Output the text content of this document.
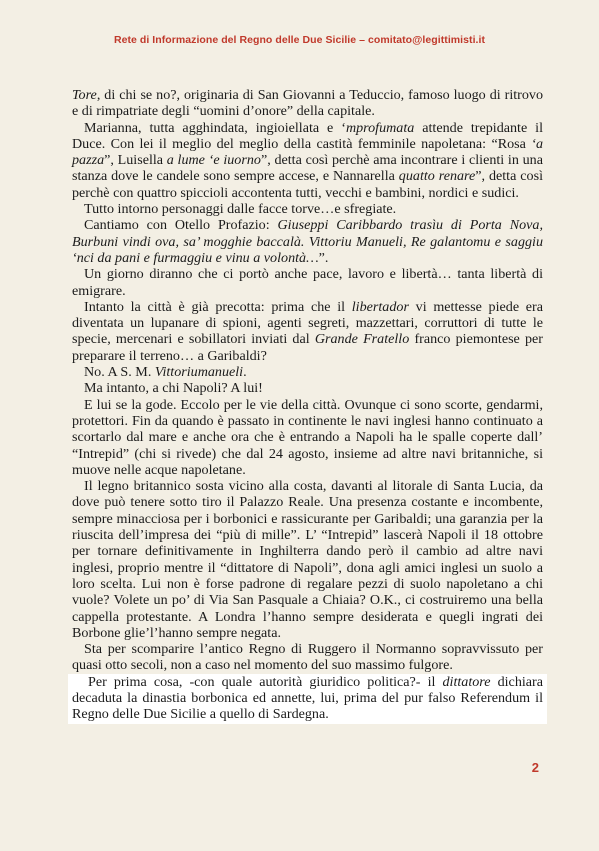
Rete di Informazione del Regno delle Due Sicilie – comitato@legittimisti.it

Tore, di chi se no?, originaria di San Giovanni a Teduccio, famoso luogo di ritrovo e di rimpatriate degli “uomini d’onore” della capitale.

Marianna, tutta agghindata, ingioiellata e ‘mprofumata attende trepidante il Duce. Con lei il meglio del meglio della castità femminile napoletana: “Rosa ‘a pazza”, Luisella a lume ‘e iuorno”, detta così perchè ama incontrare i clienti in una stanza dove le candele sono sempre accese, e Nannarella quatto renare”, detta così perchè con quattro spiccioli accontenta tutti, vecchi e bambini, nordici e sudici.

Tutto intorno personaggi dalle facce torve…e sfregiate.

Cantiamo con Otello Profazio: Giuseppi Caribbardo trasìu di Porta Nova, Burbuni vindi ova, sa’ mogghie baccalà. Vittoriu Manueli, Re galantomu e saggiu ‘nci da pani e furmaggiu e vinu a volontà…”.

Un giorno diranno che ci portò anche pace, lavoro e libertà… tanta libertà di emigrare.

Intanto la città è già precotta: prima che il libertador vi mettesse piede era diventata un lupanare di spioni, agenti segreti, mazzettari, corruttori di tutte le specie, mercenari e sobillatori inviati dal Grande Fratello franco piemontese per preparare il terreno… a Garibaldi?

No. A S. M. Vittoriumanueli.

Ma intanto, a chi Napoli? A lui!

E lui se la gode. Eccolo per le vie della città. Ovunque ci sono scorte, gendarmi, protettori. Fin da quando è passato in continente le navi inglesi hanno continuato a scortarlo dal mare e anche ora che è entrando a Napoli ha le spalle coperte dall’ “Intrepid” (chi si rivede) che dal 24 agosto, insieme ad altre navi britanniche, si muove nelle acque napoletane.

Il legno britannico sosta vicino alla costa, davanti al litorale di Santa Lucia, da dove può tenere sotto tiro il Palazzo Reale. Una presenza costante e incombente, sempre minacciosa per i borbonici e rassicurante per Garibaldi; una garanzia per la riuscita dell’impresa dei “più di mille”. L’ “Intrepid” lascerà Napoli il 18 ottobre per tornare definitivamente in Inghilterra dando però il cambio ad altre navi inglesi, proprio mentre il “dittatore di Napoli”, dona agli amici inglesi un suolo a loro scelta. Lui non è forse padrone di regalare pezzi di suolo napoletano a chi vuole? Volete un po’ di Via San Pasquale a Chiaia? O.K., ci costruiremo una bella cappella protestante. A Londra l’hanno sempre desiderata e quegli ingrati dei Borbone glie’l’hanno sempre negata.

Sta per scomparire l’antico Regno di Ruggero il Normanno sopravvissuto per quasi otto secoli, non a caso nel momento del suo massimo fulgore.

Per prima cosa, -con quale autorità giuridico politica?- il dittatore dichiara decaduta la dinastia borbonica ed annette, lui, prima del pur falso Referendum il Regno delle Due Sicilie a quello di Sardegna.

2
